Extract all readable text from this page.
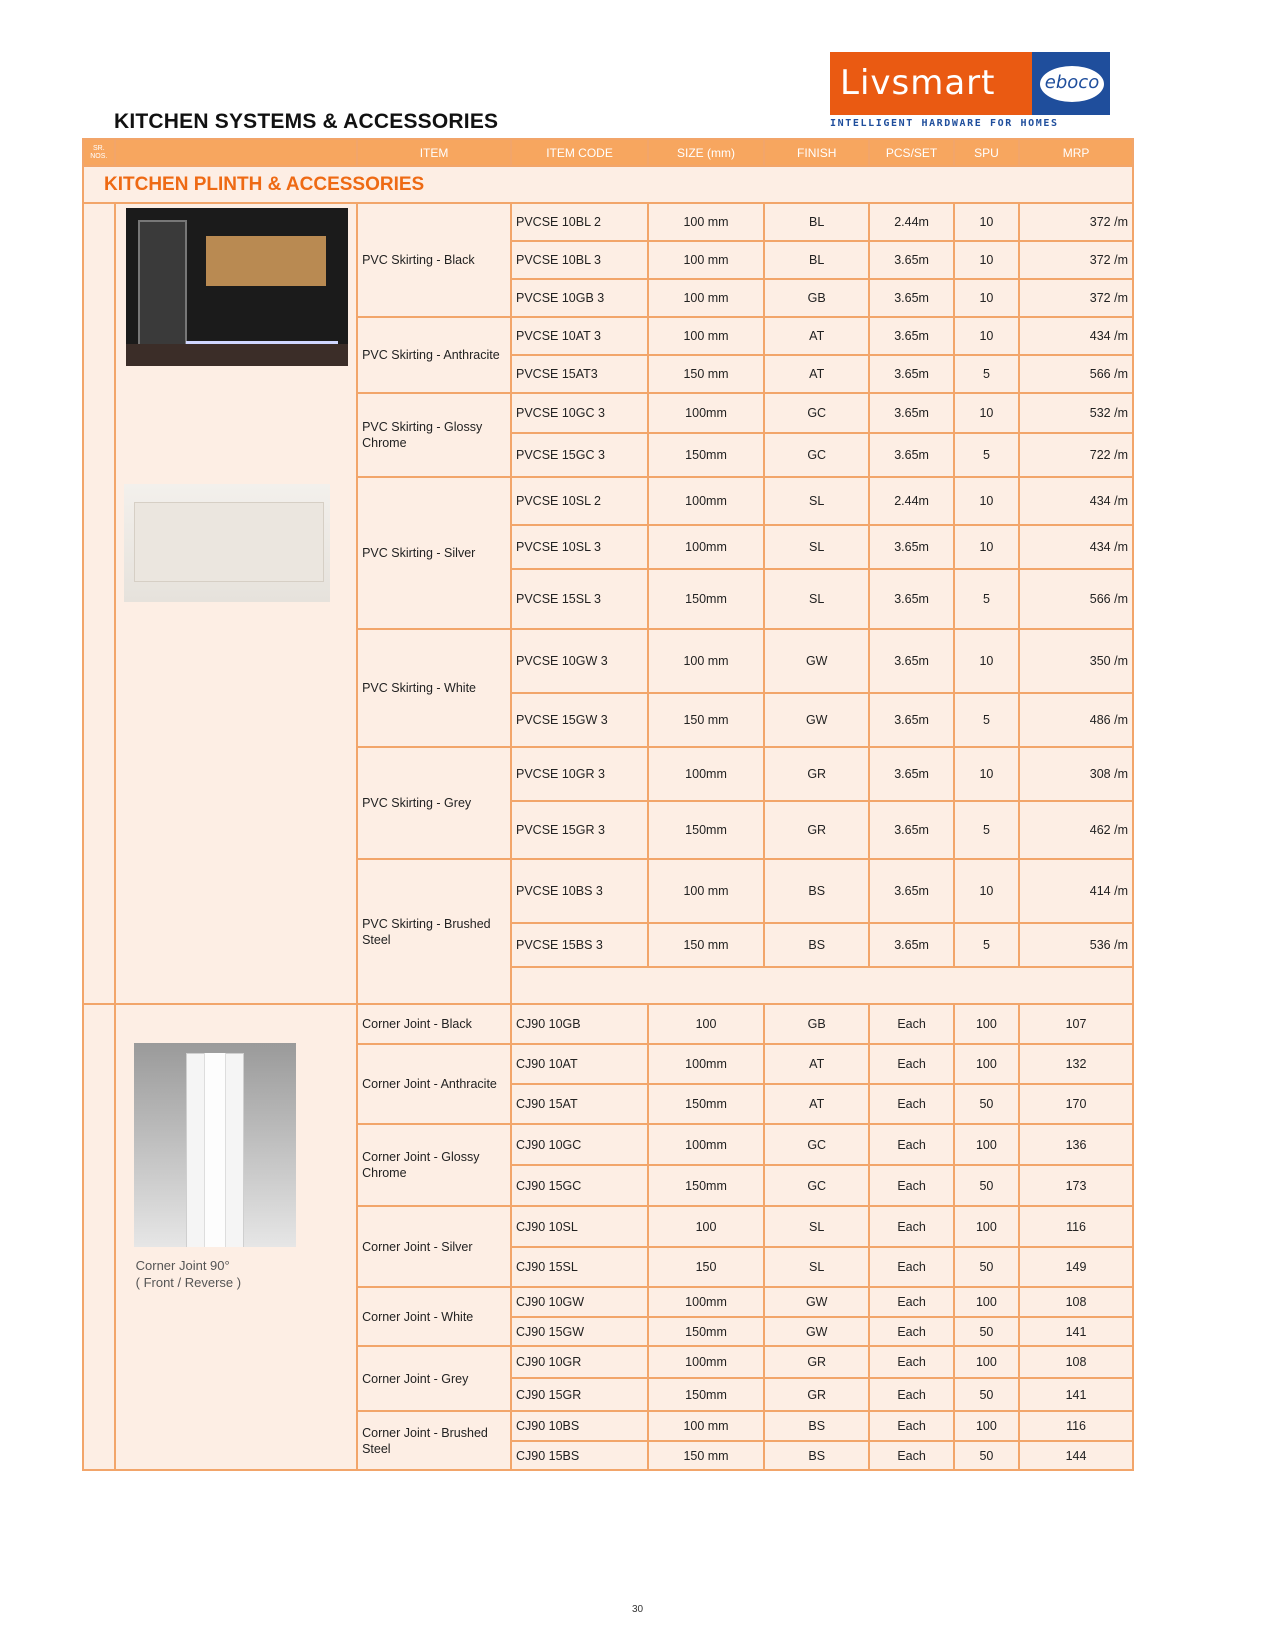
KITCHEN SYSTEMS & ACCESSORIES
Livsmart	eboco
INTELLIGENT HARDWARE FOR HOMES
SR. NOS.		ITEM	ITEM CODE	SIZE (mm)	FINISH	PCS/SET	SPU	MRP
KITCHEN PLINTH & ACCESSORIES								

	PVC Skirting - Black	PVCSE 10BL 2	100 mm	BL	2.44m	10	372 /m
			PVCSE 10BL 3	100 mm	BL	3.65m	10	372 /m
			PVCSE 10GB 3	100 mm	GB	3.65m	10	372 /m
		PVC Skirting - Anthracite	PVCSE 10AT 3	100 mm	AT	3.65m	10	434 /m
			PVCSE 15AT3	150 mm	AT	3.65m	5	566 /m
		PVC Skirting - Glossy Chrome	PVCSE 10GC 3	100mm	GC	3.65m	10	532 /m
			PVCSE 15GC 3	150mm	GC	3.65m	5	722 /m
		PVC Skirting - Silver	PVCSE 10SL 2	100mm	SL	2.44m	10	434 /m
			PVCSE 10SL 3	100mm	SL	3.65m	10	434 /m
			PVCSE 15SL 3	150mm	SL	3.65m	5	566 /m
		PVC Skirting - White	PVCSE 10GW 3	100 mm	GW	3.65m	10	350 /m
			PVCSE 15GW 3	150 mm	GW	3.65m	5	486 /m
		PVC Skirting - Grey	PVCSE 10GR 3	100mm	GR	3.65m	10	308 /m
			PVCSE 15GR 3	150mm	GR	3.65m	5	462 /m
		PVC Skirting - Brushed Steel	PVCSE 10BS 3	100 mm	BS	3.65m	10	414 /m
			PVCSE 15BS 3	150 mm	BS	3.65m	5	536 /m

	Corner Joint 90°
( Front / Reverse )	Corner Joint - Black	CJ90 10GB	100	GB	Each	100	107
		Corner Joint - Anthracite	CJ90 10AT	100mm	AT	Each	100	132
			CJ90 15AT	150mm	AT	Each	50	170
		Corner Joint - Glossy Chrome	CJ90 10GC	100mm	GC	Each	100	136
			CJ90 15GC	150mm	GC	Each	50	173
		Corner Joint - Silver	CJ90 10SL	100	SL	Each	100	116
			CJ90 15SL	150	SL	Each	50	149
		Corner Joint - White	CJ90 10GW	100mm	GW	Each	100	108
			CJ90 15GW	150mm	GW	Each	50	141
		Corner Joint - Grey	CJ90 10GR	100mm	GR	Each	100	108
			CJ90 15GR	150mm	GR	Each	50	141
		Corner Joint - Brushed Steel	CJ90 10BS	100 mm	BS	Each	100	116
			CJ90 15BS	150 mm	BS	Each	50	144
30
